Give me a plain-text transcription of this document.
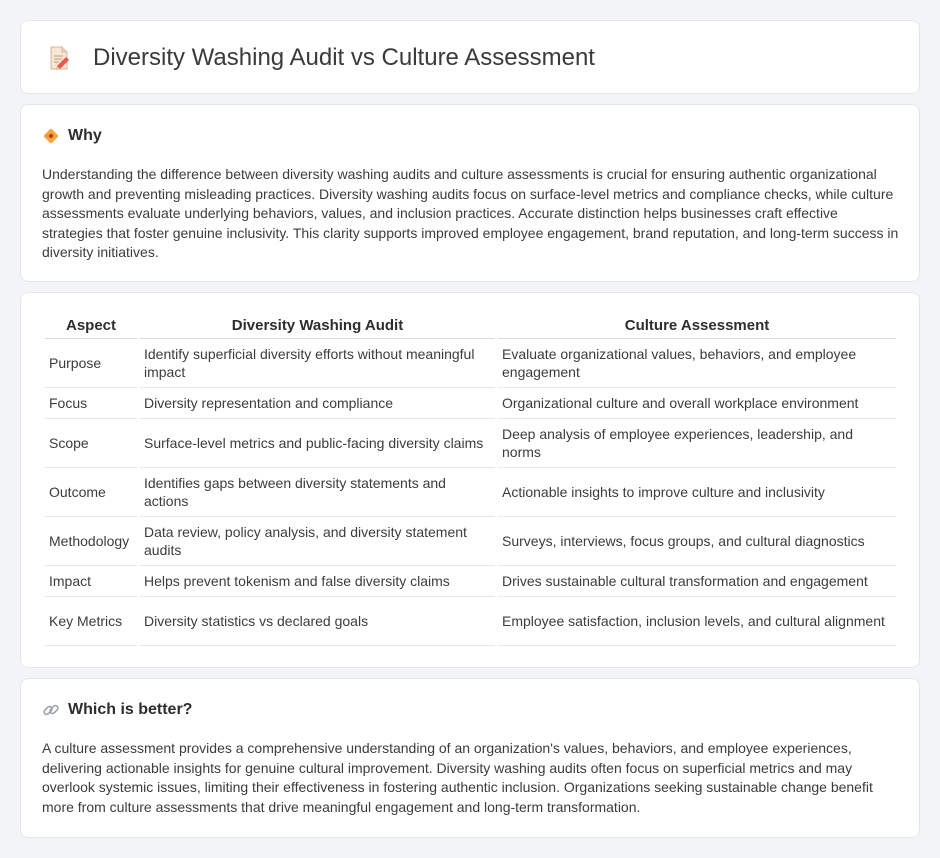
Diversity Washing Audit vs Culture Assessment
Why

Understanding the difference between diversity washing audits and culture assessments is crucial for ensuring authentic organizational growth and preventing misleading practices. Diversity washing audits focus on surface-level metrics and compliance checks, while culture assessments evaluate underlying behaviors, values, and inclusion practices. Accurate distinction helps businesses craft effective strategies that foster genuine inclusivity. This clarity supports improved employee engagement, brand reputation, and long-term success in diversity initiatives.

Aspect	Diversity Washing Audit	Culture Assessment
Purpose	Identify superficial diversity efforts without meaningful impact	Evaluate organizational values, behaviors, and employee engagement
Focus	Diversity representation and compliance	Organizational culture and overall workplace environment
Scope	Surface-level metrics and public-facing diversity claims	Deep analysis of employee experiences, leadership, and norms
Outcome	Identifies gaps between diversity statements and actions	Actionable insights to improve culture and inclusivity
Methodology	Data review, policy analysis, and diversity statement audits	Surveys, interviews, focus groups, and cultural diagnostics
Impact	Helps prevent tokenism and false diversity claims	Drives sustainable cultural transformation and engagement
Key Metrics	Diversity statistics vs declared goals	Employee satisfaction, inclusion levels, and cultural alignment
Which is better?

A culture assessment provides a comprehensive understanding of an organization's values, behaviors, and employee experiences, delivering actionable insights for genuine cultural improvement. Diversity washing audits often focus on superficial metrics and may overlook systemic issues, limiting their effectiveness in fostering authentic inclusion. Organizations seeking sustainable change benefit more from culture assessments that drive meaningful engagement and long-term transformation.
